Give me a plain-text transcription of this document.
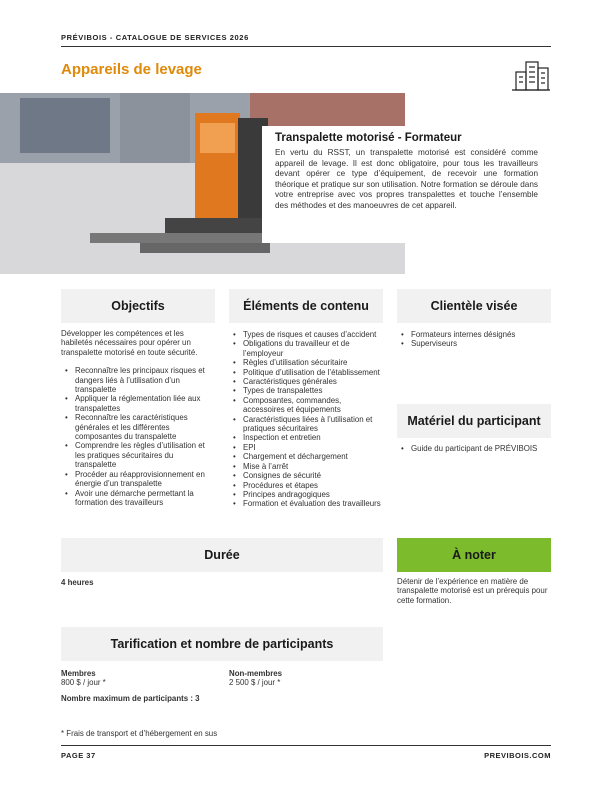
PRÉVIBOIS - CATALOGUE DE SERVICES 2026
Appareils de levage
Transpalette motorisé - Formateur
En vertu du RSST, un transpalette motorisé est considéré comme appareil de levage. Il est donc obligatoire, pour tous les travailleurs devant opérer ce type d’équipement, de recevoir une formation théorique et pratique sur son utilisation. Notre formation se déroule dans votre entreprise avec vos propres transpalettes et touche l’ensemble des méthodes et des manoeuvres de cet appareil.
Objectifs	Éléments de contenu	Clientèle visée

Développer les compétences et les habiletés nécessaires pour opérer un transpalette motorisé en toute sécurité.

• Reconnaître les principaux risques et dangers liés à l’utilisation d’un transpalette
• Appliquer la réglementation liée aux transpalettes
• Reconnaître les caractéristiques générales et les différentes composantes du transpalette
• Comprendre les règles d’utilisation et les pratiques sécuritaires du transpalette
• Procéder au réapprovisionnement en énergie d’un transpalette
• Avoir une démarche permettant la formation des travailleurs
• Types de risques et causes d’accident
• Obligations du travailleur et de l’employeur
• Règles d’utilisation sécuritaire
• Politique d’utilisation de l’établissement
• Caractéristiques générales
• Types de transpalettes
• Composantes, commandes, accessoires et équipements
• Caractéristiques liées à l’utilisation et pratiques sécuritaires
• Inspection et entretien
• EPI
• Chargement et déchargement
• Mise à l’arrêt
• Consignes de sécurité
• Procédures et étapes
• Principes andragogiques
• Formation et évaluation des travailleurs
• Formateurs internes désignés
• Superviseurs
Matériel du participant
• Guide du participant de PRÉVIBOIS
Durée
4 heures
À noter
Détenir de l’expérience en matière de transpalette motorisé est un prérequis pour cette formation.
Tarification et nombre de participants
Membres
800 $ / jour *
Non-membres
2 500 $ / jour *
Nombre maximum de participants : 3
* Frais de transport et d’hébergement en sus
PAGE 37	PREVIBOIS.COM
